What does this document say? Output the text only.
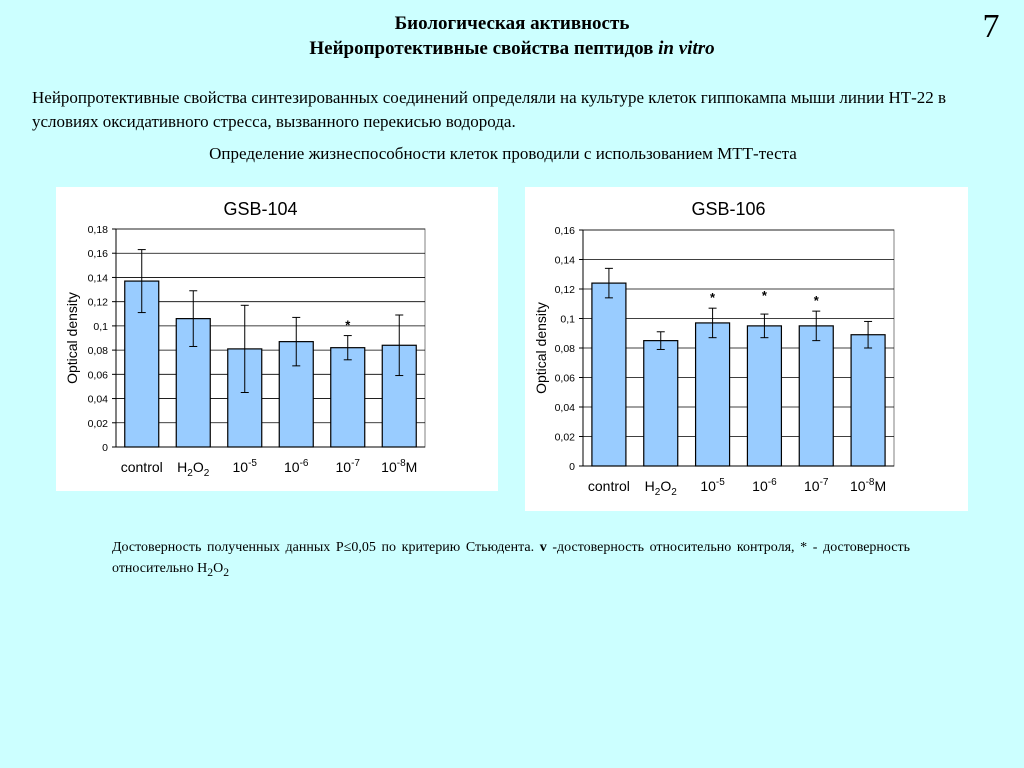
7
Биологическая активность
Нейропротективные свойства пептидов in vitro
Нейропротективные свойства синтезированных соединений определяли на культуре клеток гиппокампа мыши линии НТ-22 в условиях оксидативного стресса, вызванного перекисью водорода.
Определение жизнеспособности клеток проводили с использованием МТТ-теста
GSB-104
0
0,02
0,04
0,06
0,08
0,1
0,12
0,14
0,16
0,18
Optical density
control $H_2O_2$ $10^{-5}$ $10^{-6}$
*
$10^{-7}$ $10^{-8}M$
GSB-106
0
0,02
0,04
0,06
0,08
0,1
0,12
0,14
0,16
Optical density
control $H_2O_2$
*
$10^{-5}$
*
$10^{-6}$
*
$10^{-7}$ $10^{-8}M$
Достоверность полученных данных Р≤0,05 по критерию Стьюдента. v -достоверность относительно контроля, * - достоверность относительно $Н_2О_2$
